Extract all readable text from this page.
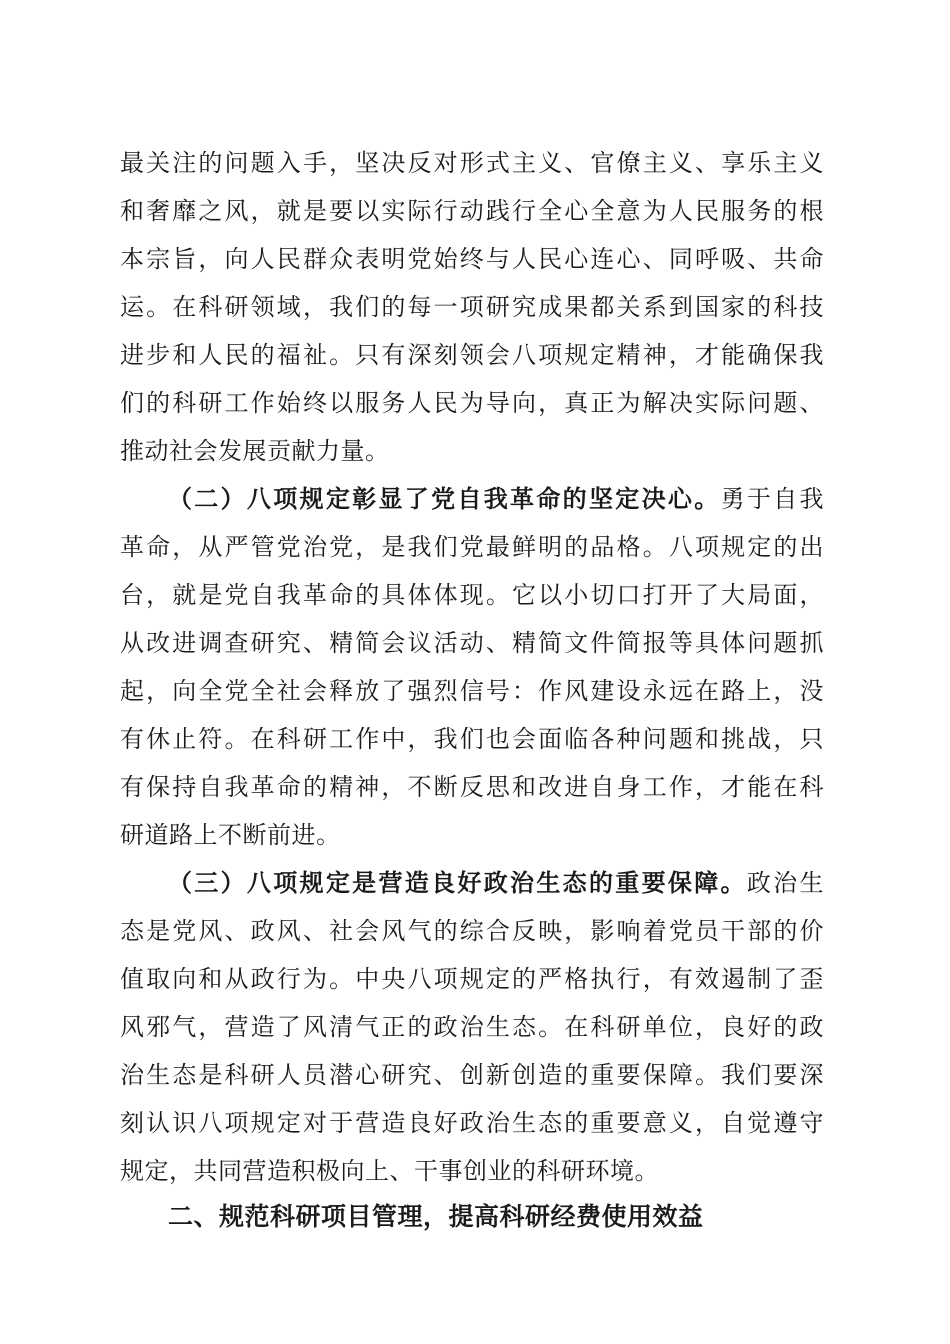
最关注的问题入手，坚决反对形式主义、官僚主义、享乐主义
和奢靡之风，就是要以实际行动践行全心全意为人民服务的根
本宗旨，向人民群众表明党始终与人民心连心、同呼吸、共命
运。在科研领域，我们的每一项研究成果都关系到国家的科技
进步和人民的福祉。只有深刻领会八项规定精神，才能确保我
们的科研工作始终以服务人民为导向，真正为解决实际问题、
推动社会发展贡献力量。
（二）八项规定彰显了党自我革命的坚定决心。勇于自我
革命，从严管党治党，是我们党最鲜明的品格。八项规定的出
台，就是党自我革命的具体体现。它以小切口打开了大局面，
从改进调查研究、精简会议活动、精简文件简报等具体问题抓
起，向全党全社会释放了强烈信号：作风建设永远在路上，没
有休止符。在科研工作中，我们也会面临各种问题和挑战，只
有保持自我革命的精神，不断反思和改进自身工作，才能在科
研道路上不断前进。
（三）八项规定是营造良好政治生态的重要保障。政治生
态是党风、政风、社会风气的综合反映，影响着党员干部的价
值取向和从政行为。中央八项规定的严格执行，有效遏制了歪
风邪气，营造了风清气正的政治生态。在科研单位，良好的政
治生态是科研人员潜心研究、创新创造的重要保障。我们要深
刻认识八项规定对于营造良好政治生态的重要意义，自觉遵守
规定，共同营造积极向上、干事创业的科研环境。
二、规范科研项目管理，提高科研经费使用效益
